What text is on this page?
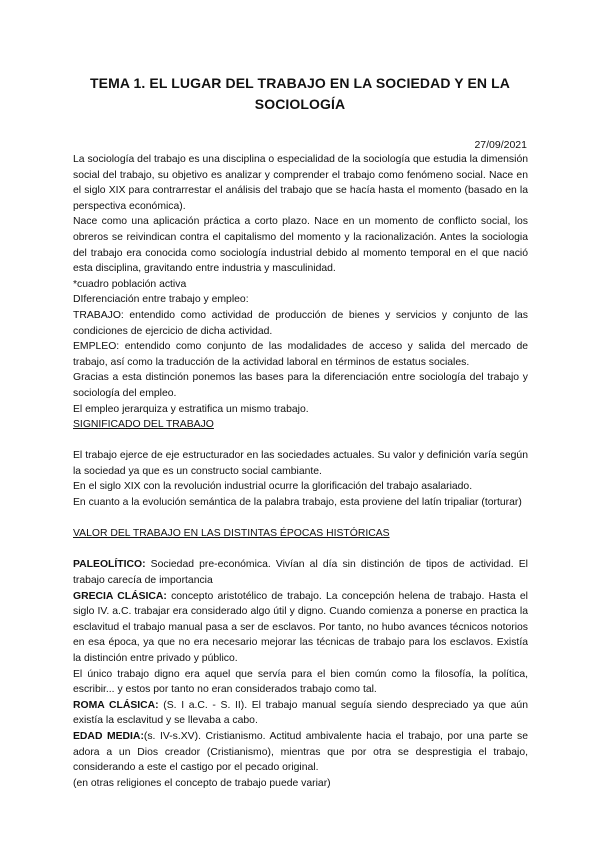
TEMA 1. EL LUGAR DEL TRABAJO EN LA SOCIEDAD Y EN LA SOCIOLOGÍA
27/09/2021

La sociología del trabajo es una disciplina o especialidad de la sociología que estudia la dimensión social del trabajo, su objetivo es analizar y comprender el trabajo como fenómeno social. Nace en el siglo XIX para contrarrestar el análisis del trabajo que se hacía hasta el momento (basado en la perspectiva económica).

Nace como una aplicación práctica a corto plazo. Nace en un momento de conflicto social, los obreros se reivindican contra el capitalismo del momento y la racionalización. Antes la sociologia del trabajo era conocida como sociología industrial debido al momento temporal en el que nació esta disciplina, gravitando entre industria y masculinidad.

*cuadro población activa

DIferenciación entre trabajo y empleo:

TRABAJO: entendido como actividad de producción de bienes y servicios y conjunto de las condiciones de ejercicio de dicha actividad.

EMPLEO: entendido como conjunto de las modalidades de acceso y salida del mercado de trabajo, así como la traducción de la actividad laboral en términos de estatus sociales.

Gracias a esta distinción ponemos las bases para la diferenciación entre sociología del trabajo y sociología del empleo.

El empleo jerarquiza y estratifica un mismo trabajo.

SIGNIFICADO DEL TRABAJO

El trabajo ejerce de eje estructurador en las sociedades actuales. Su valor y definición varía según la sociedad ya que es un constructo social cambiante.

En el siglo XIX con la revolución industrial ocurre la glorificación del trabajo asalariado.

En cuanto a la evolución semántica de la palabra trabajo, esta proviene del latín tripaliar (torturar)

VALOR DEL TRABAJO EN LAS DISTINTAS ÉPOCAS HISTÓRICAS

PALEOLÍTICO: Sociedad pre-económica. Vivían al día sin distinción de tipos de actividad. El trabajo carecía de importancia

GRECIA CLÁSICA: concepto aristotélico de trabajo. La concepción helena de trabajo. Hasta el siglo IV. a.C. trabajar era considerado algo útil y digno. Cuando comienza a ponerse en practica la esclavitud el trabajo manual pasa a ser de esclavos. Por tanto, no hubo avances técnicos notorios en esa época, ya que no era necesario mejorar las técnicas de trabajo para los esclavos. Existía la distinción entre privado y público.

El único trabajo digno era aquel que servía para el bien común como la filosofía, la política, escribir... y estos por tanto no eran considerados trabajo como tal.

ROMA CLÁSICA: (S. I a.C. - S. II). El trabajo manual seguía siendo despreciado ya que aún existía la esclavitud y se llevaba a cabo.

EDAD MEDIA:(s. IV-s.XV). Cristianismo. Actitud ambivalente hacia el trabajo, por una parte se adora a un Dios creador (Cristianismo), mientras que por otra se desprestigia el trabajo, considerando a este el castigo por el pecado original.

(en otras religiones el concepto de trabajo puede variar)
